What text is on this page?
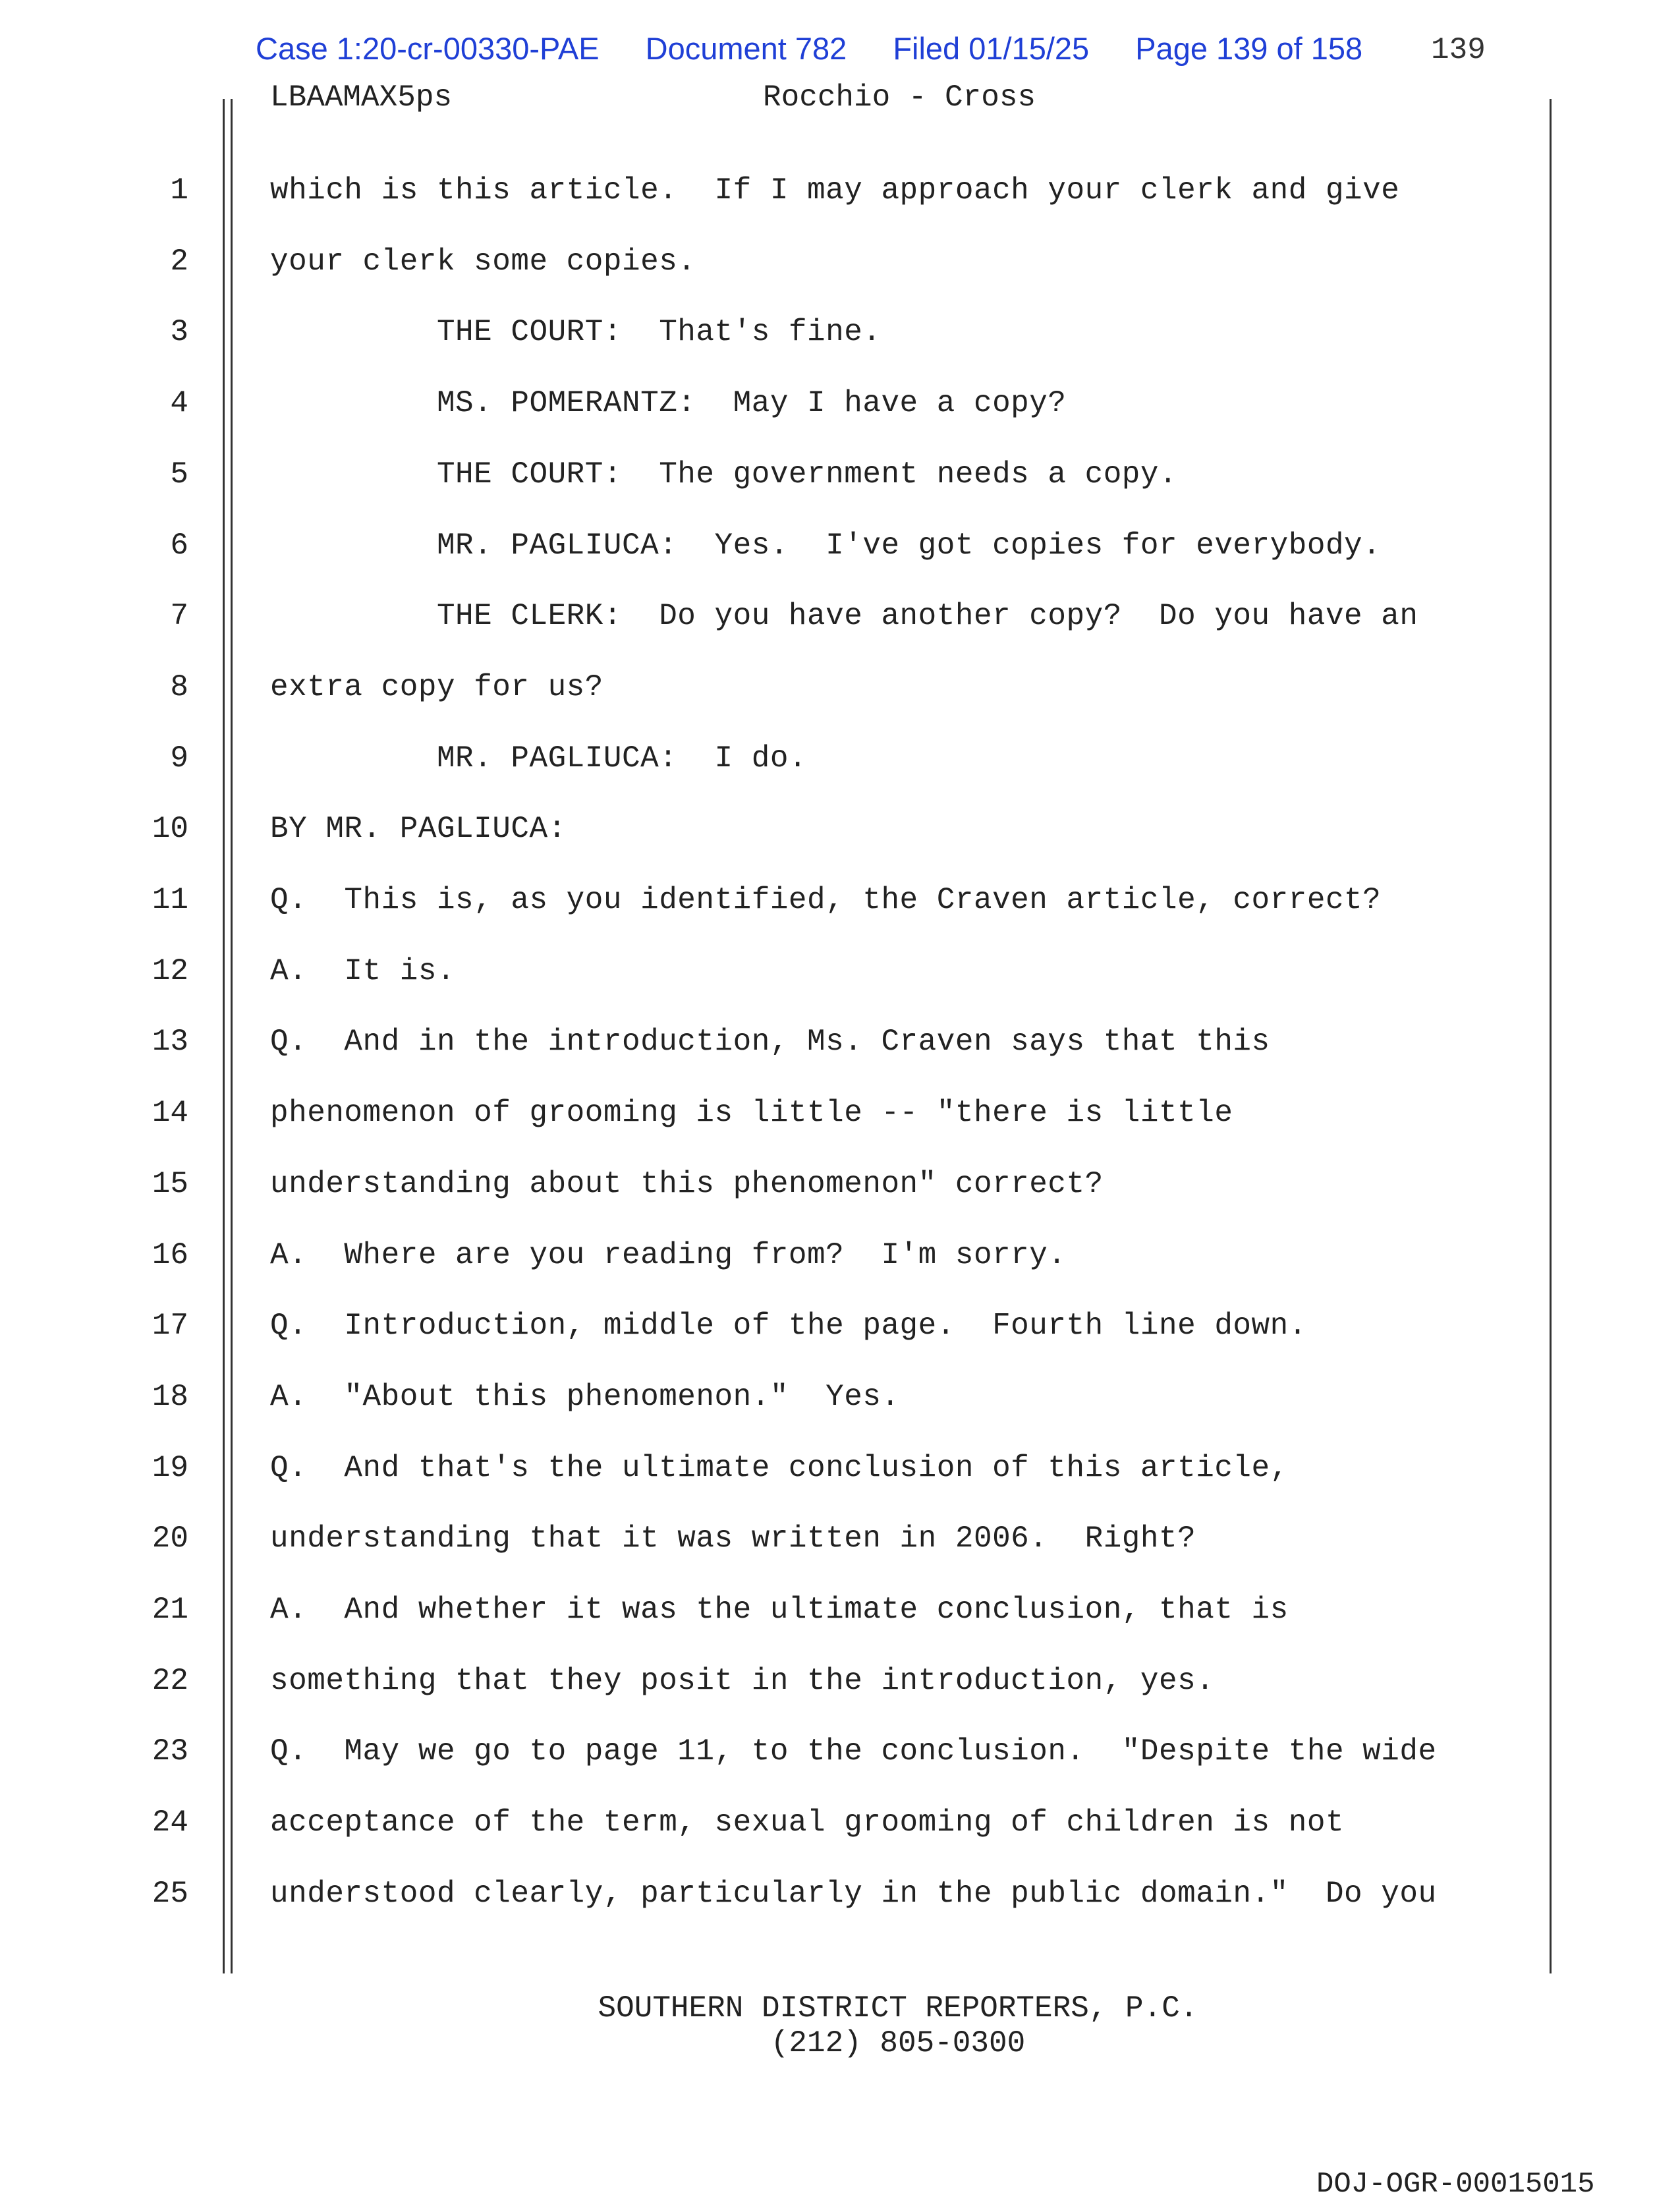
Case 1:20-cr-00330-PAE Document 782 Filed 01/15/25 Page 139 of 158 139
LBAAMAX5ps	Rocchio - Cross
1	which is this article.  If I may approach your clerk and give
2	your clerk some copies.
3	THE COURT:  That's fine.
4	MS. POMERANTZ:  May I have a copy?
5	THE COURT:  The government needs a copy.
6	MR. PAGLIUCA:  Yes.  I've got copies for everybody.
7	THE CLERK:  Do you have another copy?  Do you have an
8	extra copy for us?
9	MR. PAGLIUCA:  I do.
10	BY MR. PAGLIUCA:
11	Q.  This is, as you identified, the Craven article, correct?
12	A.  It is.
13	Q.  And in the introduction, Ms. Craven says that this
14	phenomenon of grooming is little -- "there is little
15	understanding about this phenomenon" correct?
16	A.  Where are you reading from?  I'm sorry.
17	Q.  Introduction, middle of the page.  Fourth line down.
18	A.  "About this phenomenon."  Yes.
19	Q.  And that's the ultimate conclusion of this article,
20	understanding that it was written in 2006.  Right?
21	A.  And whether it was the ultimate conclusion, that is
22	something that they posit in the introduction, yes.
23	Q.  May we go to page 11, to the conclusion.  "Despite the wide
24	acceptance of the term, sexual grooming of children is not
25	understood clearly, particularly in the public domain."  Do you
SOUTHERN DISTRICT REPORTERS, P.C.
(212) 805-0300
DOJ-OGR-00015015
